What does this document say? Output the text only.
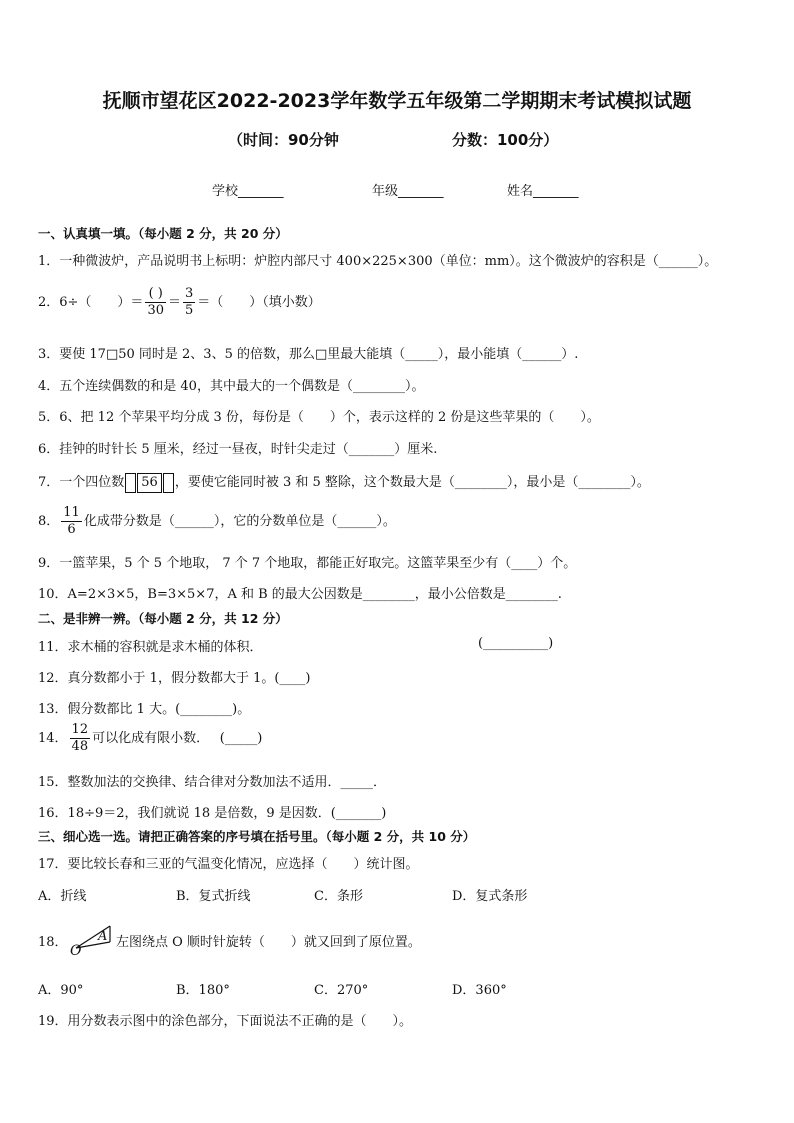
抚顺市望花区2022-2023学年数学五年级第二学期期末考试模拟试题
（时间：90分钟	分数：100分）
学校_______	年级_______	姓名_______
一、认真填一填。（每小题 2 分，共 20 分）
1．一种微波炉，产品说明书上标明：炉腔内部尺寸 400×225×300（单位：mm）。这个微波炉的容积是（______）。
2．6÷（　　）＝ $\frac{( )}{30} = \frac{3}{5}$ ＝（　　）（填小数）
3．要使 17□50 同时是 2、3、5 的倍数，那么□里最大能填（_____），最小能填（______）.
4．五个连续偶数的和是 40，其中最大的一个偶数是（________）。
5．6、把 12 个苹果平均分成 3 份，每份是（　　）个，表示这样的 2 份是这些苹果的（　　）。
6．挂钟的时针长 5 厘米，经过一昼夜，时针尖走过（_______）厘米.
7．一个四位数 56 ，要使它能同时被 3 和 5 整除，这个数最大是（________），最小是（________）。
8． $\frac{11}{6}$ 化成带分数是（______），它的分数单位是（______）。
9．一篮苹果，5 个 5 个地取， 7 个 7 个地取，都能正好取完。这篮苹果至少有（____）个。
10．A=2×3×5，B=3×5×7，A 和 B 的最大公因数是________，最小公倍数是________.
二、是非辨一辨。（每小题 2 分，共 12 分）
11．求木桶的容积就是求木桶的体积．	(__________)
12．真分数都小于 1，假分数都大于 1。(____)
13．假分数都比 1 大。(________)。
14． $\frac{12}{48}$ 可以化成有限小数．　 (_____)
15．整数加法的交换律、结合律对分数加法不适用．_____．
16．18÷9＝2，我们就说 18 是倍数，9 是因数．(_______)
三、细心选一选。请把正确答案的序号填在括号里。（每小题 2 分，共 10 分）
17．要比较长春和三亚的气温变化情况，应选择（　　）统计图。
A．折线	B．复式折线	C．条形	D．复式条形
18．
O
A 左图绕点 O 顺时针旋转（　　）就又回到了原位置。
A．90°	B．180°	C．270°	D．360°
19．用分数表示图中的涂色部分，下面说法不正确的是（　　）。
